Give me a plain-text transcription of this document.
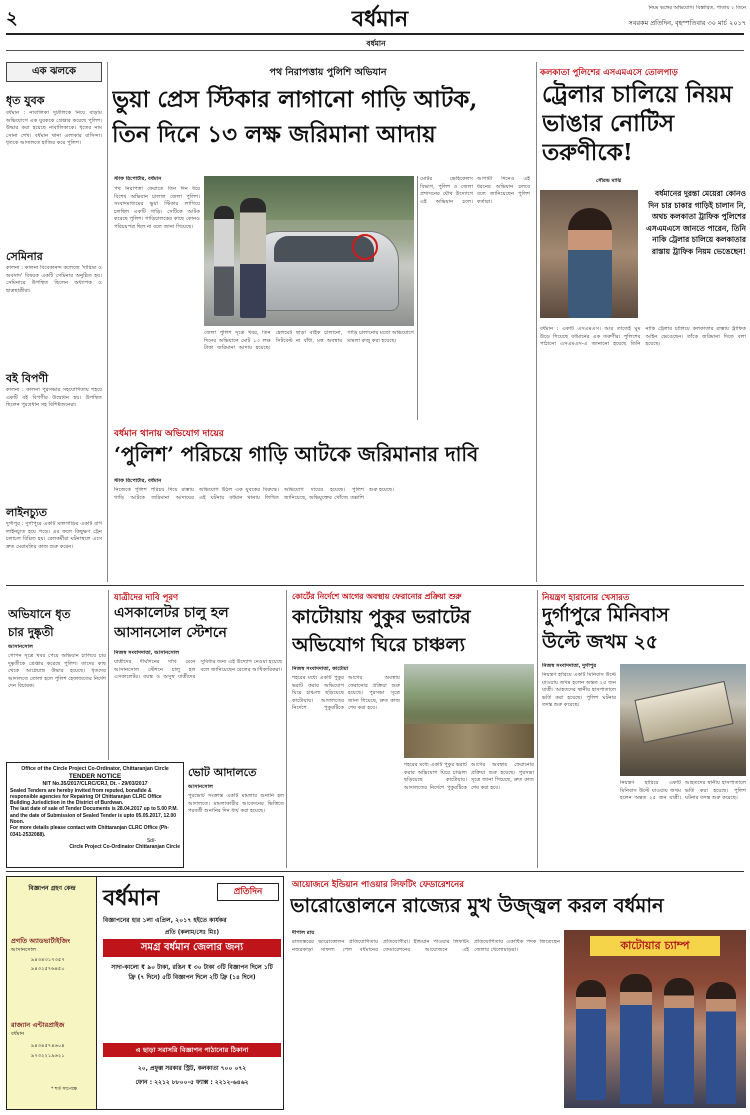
২	বর্ধমান	নিয়ম ভঙ্গের অভিযোগ। বিস্তারিত, পাতায় ২ তিনে
সবরকম প্রতিদিন, বৃহস্পতিবার ৩০ মার্চ ২০১৭
বর্ধমান
এক ঝলকে
ধৃত যুবক
বর্ধমান : নাবালিকা দুটালিকে নিয়ে বাড়ায় অভিযোগে এক যুবককে গ্রেপ্তার করেছে পুলিশ। উদ্ধার করা হয়েছে নাবালিকাকে। ধৃতের নাম সোনা শেখ। বর্ধমান থানা এলাকার বাসিন্দা। ধৃতকে আদালতে হাজির করে পুলিশ।
সেমিনার
কালনা : কালনা বিবেকানন্দ কলেজে 'দারিদ্র্য ও অবসাদ' বিষয়ক একটি সেমিনার অনুষ্ঠিত হয়। সেমিনারে উপস্থিত ছিলেন অধ্যাপক ও ছাত্রছাত্রীরা।
বই বিপণী
কালনা : কালনা পুরসভার সহযোগিতায় শহরে একটি বই বিপণীর উদ্বোধন হয়। উপস্থিত ছিলেন পুরপ্রধান সহ বিশিষ্টজনেরা।
লাইনচ্যুত
দুর্গাপুর : দুর্গাপুরে একটি মালগাড়ির একটি বগি লাইনচ্যুত হয়ে পড়ে। এর ফলে কিছুক্ষণ ট্রেন চলাচল বিঘ্নিত হয়। রেলকর্মীরা ঘটনাস্থলে এসে দ্রুত মেরামতির কাজ শুরু করেন।
পথ নিরাপত্তায় পুলিশি অভিযান
ভুয়া প্রেস স্টিকার লাগানো গাড়ি আটক,
তিন দিনে ১৩ লক্ষ জরিমানা আদায়
স্টাফ রিপোর্টার, বর্ধমান
পথ নিরাপত্তা ফেরাতে তিন দিন ধরে বিশেষ অভিযান চালাল জেলা পুলিশ। সংবাদমাধ্যমের ভুয়া স্টিকার লাগিয়ে চলছিল একটি গাড়ি। সেটিকে আটক করেছে পুলিশ। গাড়িচালকের কাছে কোনও পরিচয়পত্র ছিল না বলে জানা গিয়েছে।
জেলা পুলিশ সূত্রে খবর, তিন দিনের অভিযানে মোট ১৩ লক্ষ টাকা জরিমানা আদায় হয়েছে। হেলমেট ছাড়া বাইক চালানো, সিটবেল্ট না বাঁধা, মত্ত অবস্থায় গাড়ি চালানোর মতো অভিযোগে মামলা রুজু করা হয়েছে।
মোটর ভেহিকেলস বিভাগ, পুলিশ ও জেলা প্রশাসনের যৌথ উদ্যোগে এই অভিযান চলে। আগামী দিনেও এই ধরনের অভিযান চলবে বলে জানিয়েছেন পুলিশ কর্তারা।
বর্ধমান থানায় অভিযোগ দায়ের
‘পুলিশ’ পরিচয়ে গাড়ি আটকে জরিমানার দাবি
স্টাফ রিপোর্টার, বর্ধমান
নিজেকে পুলিশ পরিচয় দিয়ে রাস্তায় গাড়ি আটকে জরিমানা আদায়ের অভিযোগ উঠল এক যুবকের বিরুদ্ধে। এই ঘটনায় বর্ধমান থানায় লিখিত অভিযোগ দায়ের হয়েছে। পুলিশ জানিয়েছে, অভিযুক্তের খোঁজে তল্লাশি শুরু হয়েছে।
কলকাতা পুলিশের এসএমএসে তোলপাড়
ট্রেলার চালিয়ে নিয়ম ভাঙার নোটিস তরুণীকে!
সৌরভ মাঝি
বর্ধমানের দুরন্তা মেয়েরা কোনও দিন চার চাকার গাড়িই চালান নি, অথচ কলকাতা ট্রাফিক পুলিশের এসএমএসে জানতে পারেন, তিনি নাকি ট্রেলার চালিয়ে কলকাতার রাস্তায় ট্রাফিক নিয়ম ভেঙেছেন!
বর্ধমান : একটি এসএমএস। আর তাতেই ঘুম উড়ে গিয়েছে বর্ধমানের এক তরুণীর। পুলিশের পাঠানো এসএমএস-এ জানানো হয়েছে তিনি নাকি ট্রেলার চালিয়ে কলকাতার রাস্তায় ট্রাফিক আইন ভেঙেছেন। তাঁকে জরিমানা দিতে বলা হয়েছে।
যাত্রীদের দাবি পূরণ
এসকালেটর চালু হল
আসানসোল স্টেশনে
নিজস্ব সংবাদদাতা, আসানসোল
যাত্রীদের দীর্ঘদিনের দাবি মেনে আসানসোল স্টেশনে চালু হল এসকালেটর। বয়স্ক ও অসুস্থ যাত্রীদের সুবিধার জন্য এই উদ্যোগ নেওয়া হয়েছে বলে জানিয়েছেন রেলের আধিকারিকরা।
অভিযানে ধৃত
চার দুষ্কৃতী
আসানসোল
গোপন সূত্রে খবর পেয়ে অভিযান চালিয়ে চার দুষ্কৃতীকে গ্রেপ্তার করেছে পুলিশ। তাদের কাছ থেকে আগ্নেয়াস্ত্র উদ্ধার হয়েছে। ধৃতদের আদালতে তোলা হলে পুলিশ হেফাজতের নির্দেশ দেন বিচারক।
Office of the Circle Project Co-Ordinator, Chittaranjan Circle
TENDER NOTICE
NIT No.35/2017/CLRC/CRJ, Dt. - 29/03/2017
Sealed Tenders are hereby invited from reputed, bonafide & responsible agencies for Repairing Of Chittaranjan CLRC Office Building Jurisdiction in the District of Burdwan.
The last date of sale of Tender Documents is 28.04.2017 up to 5.00 P.M. and the date of Submission of Sealed Tender is upto 05.05.2017, 12.00 Noon.
For more details please contact with Chittaranjan CLRC Office (Ph-0341-2532088).
Sd/-
Circle Project Co-Ordinator Chittaranjan Circle
ভোট আদালতে
আসানসোল
পুরভোট সংক্রান্ত একটি মামলার শুনানি হল আদালতে। মামলাকারীর আবেদনের ভিত্তিতে পরবর্তী শুনানির দিন ধার্য করা হয়েছে।
কোর্টের নির্দেশে আগের অবস্থায় ফেরানোর প্রক্রিয়া শুরু
কাটোয়ায় পুকুর ভরাটের
অভিযোগ ঘিরে চাঞ্চল্য
নিজস্ব সংবাদদাতা, কাটোয়া
শহরের মধ্যে একটি পুকুর ভরাট করার অভিযোগ ঘিরে চাঞ্চল্য ছড়িয়েছে কাটোয়ায়। আদালতের নির্দেশে পুকুরটিকে আগের অবস্থায় ফেরানোর প্রক্রিয়া শুরু হয়েছে। পুরসভা সূত্রে জানা গিয়েছে, দ্রুত কাজ শেষ করা হবে।
শহরের মধ্যে একটি পুকুর ভরাট করার অভিযোগ ঘিরে চাঞ্চল্য ছড়িয়েছে কাটোয়ায়। আদালতের নির্দেশে পুকুরটিকে আগের অবস্থায় ফেরানোর প্রক্রিয়া শুরু হয়েছে। পুরসভা সূত্রে জানা গিয়েছে, দ্রুত কাজ শেষ করা হবে।
নিয়ন্ত্রণ হারানোর খেসারত
দুর্গাপুরে মিনিবাস
উল্টে জখম ২৫
নিজস্ব সংবাদদাতা, দুর্গাপুর
নিয়ন্ত্রণ হারিয়ে একটি মিনিবাস উল্টে যাওয়ায় জখম হলেন অন্তত ২৫ জন যাত্রী। আহতদের স্থানীয় হাসপাতালে ভর্তি করা হয়েছে। পুলিশ ঘটনার তদন্ত শুরু করেছে।
নিয়ন্ত্রণ হারিয়ে একটি মিনিবাস উল্টে যাওয়ায় জখম হলেন অন্তত ২৫ জন যাত্রী। আহতদের স্থানীয় হাসপাতালে ভর্তি করা হয়েছে। পুলিশ ঘটনার তদন্ত শুরু করেছে।
বিজ্ঞাপন গ্রহণ কেন্দ্র
প্রগতি অ্যাডভার্টাইজিং
আসানসোল
৯৪৩৪৩১৭৩৫৭
৯৪৩২৫৭৬৪৫০
রাজ্যান এন্টারপ্রাইজ
বর্ধমান
৯৪৩৪৫৭৪৬০৪
৯৭৩২২১৯৬২১
* শর্ত সাপেক্ষে
বর্ধমান	প্রতিদিন
বিজ্ঞাপনের হার ১লা এপ্রিল, ২০১৭ হইতে কার্যকর
প্রতি (কলাম/সেঃ মিঃ)
সমগ্র বর্ধমান জেলার জন্য
সাদা-কালো ₹ ৯০ টাকা, রঙিন ₹ ৩০ টাকা ৩টি বিজ্ঞাপন দিলে ১টি ফ্রি (৭ দিনে) ৫টি বিজ্ঞাপন দিলে ২টি ফ্রি (১৪ দিনে)
এ ছাড়া সরাসরি বিজ্ঞাপন পাঠানোর ঠিকানা
২০, প্রফুল্ল সরকার স্ট্রিট, কলকাতা ৭০০ ০৭২
ফোন : ২২১২ ৮৮০০-৫ ফ্যাক্স : ২২১২-৬৪৬২
আয়োজনে ইন্ডিয়ান পাওয়ার লিফটিং ফেডারেশনের
ভারোত্তোলনে রাজ্যের মুখ উজ্জ্বল করল বর্ধমান
দীপাল রায়
রাজ্যস্তরের ভারোত্তোলন প্রতিযোগিতায় নজরকাড়া সাফল্য পেল বর্ধমানের প্রতিযোগীরা। ইন্ডিয়ান পাওয়ার লিফটিং ফেডারেশনের আয়োজনে এই প্রতিযোগিতায় একাধিক পদক জিতেছেন জেলার খেলোয়াড়রা।	কাটোয়ার চ্যাম্প
